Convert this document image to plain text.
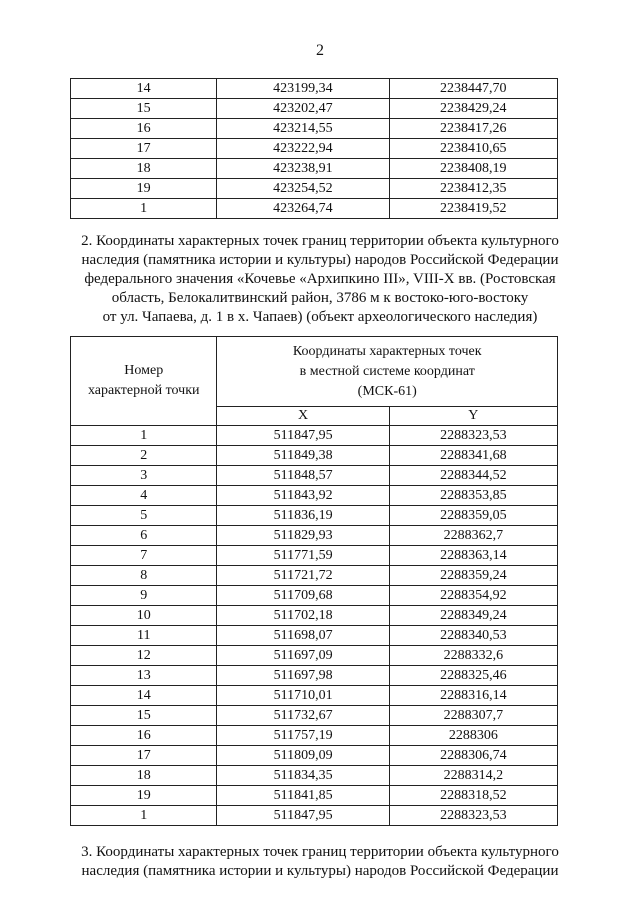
2
14	423199,34	2238447,70
15	423202,47	2238429,24
16	423214,55	2238417,26
17	423222,94	2238410,65
18	423238,91	2238408,19
19	423254,52	2238412,35
1	423264,74	2238419,52

2. Координаты характерных точек границ территории объекта культурного
наследия (памятника истории и культуры) народов Российской Федерации
федерального значения «Кочевье «Архипкино III», VIII-X вв. (Ростовская
область, Белокалитвинский район, 3786 м к востоко-юго-востоку
от ул. Чапаева, д. 1 в х. Чапаев) (объект археологического наследия)

Номер
характерной точки	Координаты характерных точек
в местной системе координат
(МСК-61)	
	X	Y
1	511847,95	2288323,53
2	511849,38	2288341,68
3	511848,57	2288344,52
4	511843,92	2288353,85
5	511836,19	2288359,05
6	511829,93	2288362,7
7	511771,59	2288363,14
8	511721,72	2288359,24
9	511709,68	2288354,92
10	511702,18	2288349,24
11	511698,07	2288340,53
12	511697,09	2288332,6
13	511697,98	2288325,46
14	511710,01	2288316,14
15	511732,67	2288307,7
16	511757,19	2288306
17	511809,09	2288306,74
18	511834,35	2288314,2
19	511841,85	2288318,52
1	511847,95	2288323,53

3. Координаты характерных точек границ территории объекта культурного
наследия (памятника истории и культуры) народов Российской Федерации
